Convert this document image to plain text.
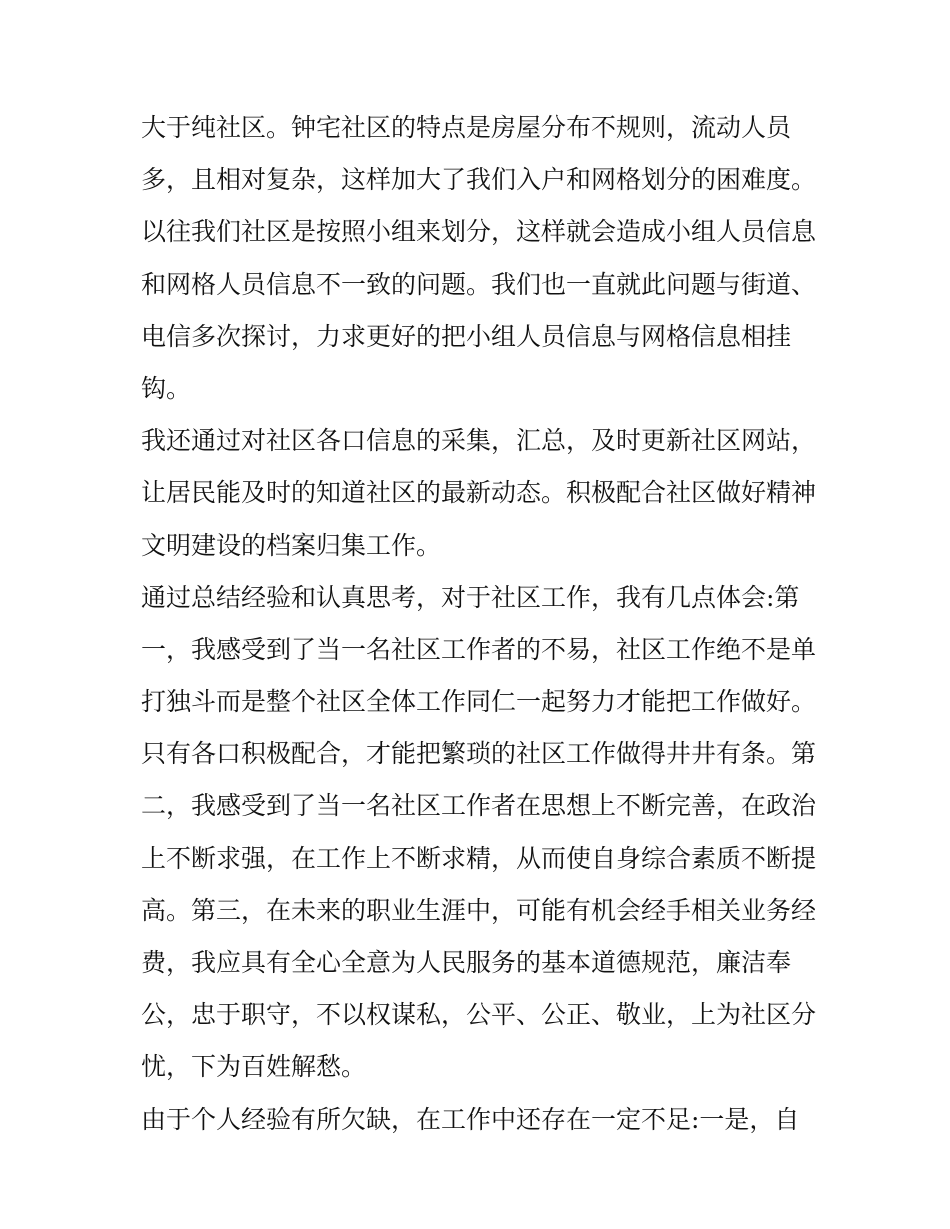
大于纯社区。钟宅社区的特点是房屋分布不规则，流动人员
多，且相对复杂，这样加大了我们入户和网格划分的困难度。
以往我们社区是按照小组来划分，这样就会造成小组人员信息
和网格人员信息不一致的问题。我们也一直就此问题与街道、
电信多次探讨，力求更好的把小组人员信息与网格信息相挂
钩。
我还通过对社区各口信息的采集，汇总，及时更新社区网站，
让居民能及时的知道社区的最新动态。积极配合社区做好精神
文明建设的档案归集工作。
通过总结经验和认真思考，对于社区工作，我有几点体会:第
一，我感受到了当一名社区工作者的不易，社区工作绝不是单
打独斗而是整个社区全体工作同仁一起努力才能把工作做好。
只有各口积极配合，才能把繁琐的社区工作做得井井有条。第
二，我感受到了当一名社区工作者在思想上不断完善，在政治
上不断求强，在工作上不断求精，从而使自身综合素质不断提
高。第三，在未来的职业生涯中，可能有机会经手相关业务经
费，我应具有全心全意为人民服务的基本道德规范，廉洁奉
公，忠于职守，不以权谋私，公平、公正、敬业，上为社区分
忧，下为百姓解愁。
由于个人经验有所欠缺，在工作中还存在一定不足:一是，自
